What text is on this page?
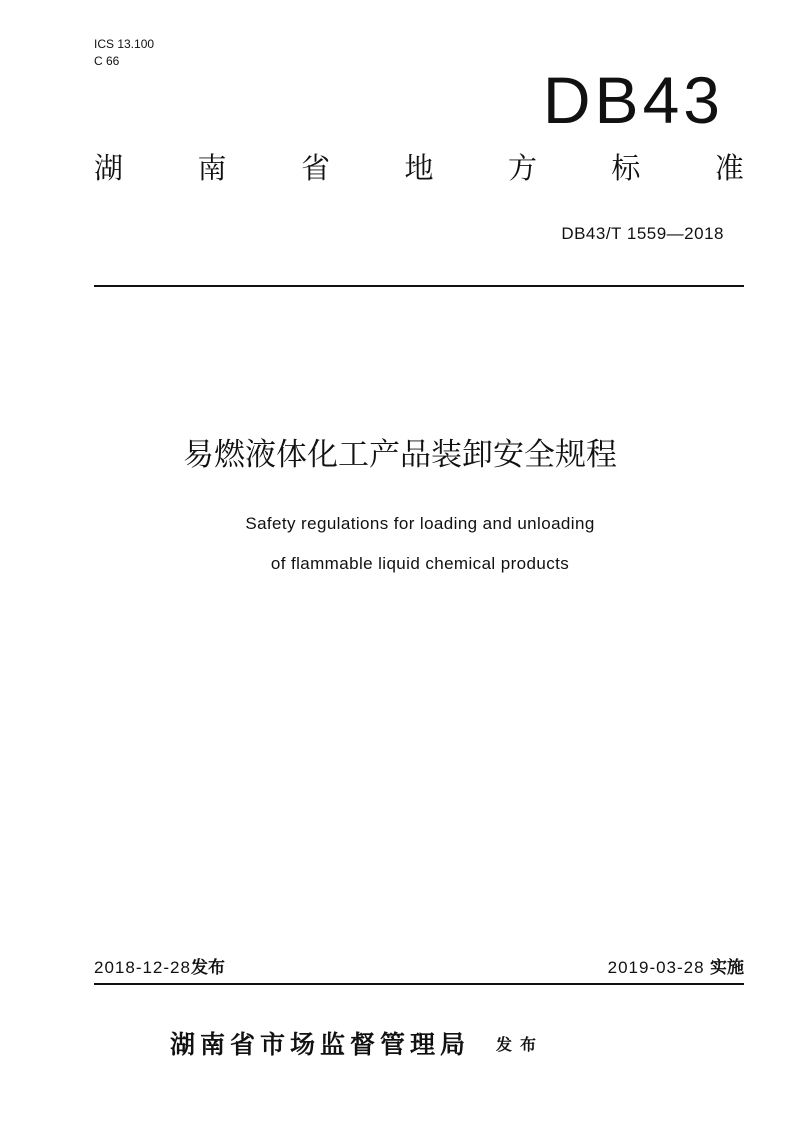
ICS 13.100
C 66
DB43
湖	南	省	地	方	标	准
DB43/T 1559—2018
易燃液体化工产品装卸安全规程
Safety regulations for loading and unloading
of flammable liquid chemical products
2018-12-28发布	2019-03-28 实施
湖南省市场监督管理局 发布
